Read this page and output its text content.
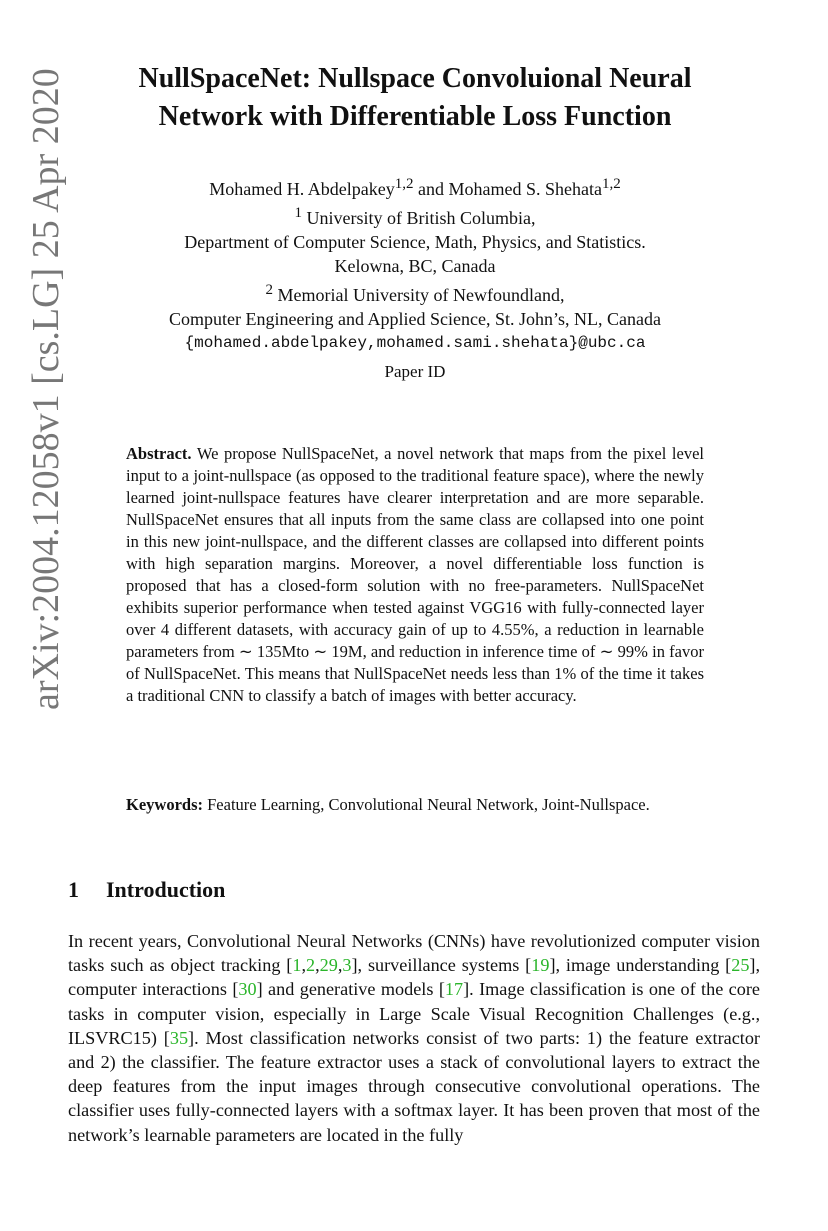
arXiv:2004.12058v1 [cs.LG] 25 Apr 2020	NullSpaceNet: Nullspace Convoluional Neural
Network with Differentiable Loss Function
Mohamed H. Abdelpakey$^{1,2}$ and Mohamed S. Shehata$^{1,2}$
$^1$ University of British Columbia,
Department of Computer Science, Math, Physics, and Statistics.
Kelowna, BC, Canada
$^2$ Memorial University of Newfoundland,
Computer Engineering and Applied Science, St. John’s, NL, Canada
{mohamed.abdelpakey,mohamed.sami.shehata}@ubc.ca
Paper ID
Abstract. We propose NullSpaceNet, a novel network that maps from the pixel level input to a joint-nullspace (as opposed to the traditional feature space), where the newly learned joint-nullspace features have clearer interpretation and are more separable. NullSpaceNet ensures that all inputs from the same class are collapsed into one point in this new joint-nullspace, and the different classes are collapsed into different points with high separation margins. Moreover, a novel differentiable loss function is proposed that has a closed-form solution with no free-parameters. NullSpaceNet exhibits superior performance when tested against VGG16 with fully-connected layer over 4 different datasets, with accuracy gain of up to 4.55%, a reduction in learnable parameters from ∼ 135Mto ∼ 19M, and reduction in inference time of ∼ 99% in favor of NullSpaceNet. This means that NullSpaceNet needs less than 1% of the time it takes a traditional CNN to classify a batch of images with better accuracy.
Keywords: Feature Learning, Convolutional Neural Network, Joint-Nullspace.
1 Introduction
In recent years, Convolutional Neural Networks (CNNs) have revolutionized computer vision tasks such as object tracking [1,2,29,3], surveillance systems [19], image understanding [25], computer interactions [30] and generative models [17]. Image classification is one of the core tasks in computer vision, especially in Large Scale Visual Recognition Challenges (e.g., ILSVRC15) [35]. Most classification networks consist of two parts: 1) the feature extractor and 2) the classifier. The feature extractor uses a stack of convolutional layers to extract the deep features from the input images through consecutive convolutional operations. The classifier uses fully-connected layers with a softmax layer. It has been proven that most of the network’s learnable parameters are located in the fully
